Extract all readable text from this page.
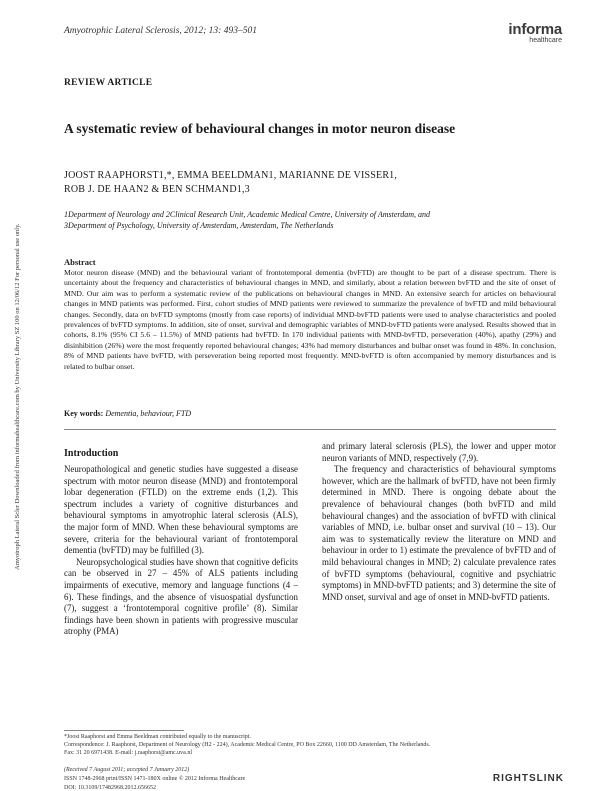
Amyotrophic Lateral Sclerosis, 2012; 13: 493–501	informa
healthcare
REVIEW ARTICLE
A systematic review of behavioural changes in motor neuron disease
JOOST RAAPHORST1,*, EMMA BEELDMAN1, MARIANNE DE VISSER1,
ROB J. DE HAAN2 & BEN SCHMAND1,3
1Department of Neurology and 2Clinical Research Unit, Academic Medical Centre, University of Amsterdam, and
3Department of Psychology, University of Amsterdam, Amsterdam, The Netherlands
Abstract
Motor neuron disease (MND) and the behavioural variant of frontotemporal dementia (bvFTD) are thought to be part of a disease spectrum. There is uncertainty about the frequency and characteristics of behavioural changes in MND, and similarly, about a relation between bvFTD and the site of onset of MND. Our aim was to perform a systematic review of the publications on behavioural changes in MND. An extensive search for articles on behavioural changes in MND patients was performed. First, cohort studies of MND patients were reviewed to summarize the prevalence of bvFTD and mild behavioural changes. Secondly, data on bvFTD symptoms (mostly from case reports) of individual MND-bvFTD patients were used to analyse characteristics and pooled prevalences of bvFTD symptoms. In addition, site of onset, survival and demographic variables of MND-bvFTD patients were analysed. Results showed that in cohorts, 8.1% (95% CI 5.6 – 11.5%) of MND patients had bvFTD. In 170 individual patients with MND-bvFTD, perseveration (40%), apathy (29%) and disinhibition (26%) were the most frequently reported behavioural changes; 43% had memory disturbances and bulbar onset was found in 48%. In conclusion, 8% of MND patients have bvFTD, with perseveration being reported most frequently. MND-bvFTD is often accompanied by memory disturbances and is related to bulbar onset.
Key words: Dementia, behaviour, FTD
Introduction

Neuropathological and genetic studies have suggested a disease spectrum with motor neuron disease (MND) and frontotemporal lobar degeneration (FTLD) on the extreme ends (1,2). This spectrum includes a variety of cognitive disturbances and behavioural symptoms in amyotrophic lateral sclerosis (ALS), the major form of MND. When these behavioural symptoms are severe, criteria for the behavioural variant of frontotemporal dementia (bvFTD) may be fulfilled (3).

Neuropsychological studies have shown that cognitive deficits can be observed in 27 – 45% of ALS patients including impairments of executive, memory and language functions (4 – 6). These findings, and the absence of visuospatial dysfunction (7), suggest a ‘frontotemporal cognitive profile’ (8). Similar findings have been shown in patients with progressive muscular atrophy (PMA)

and primary lateral sclerosis (PLS), the lower and upper motor neuron variants of MND, respectively (7,9).

The frequency and characteristics of behavioural symptoms however, which are the hallmark of bvFTD, have not been firmly determined in MND. There is ongoing debate about the prevalence of behavioural changes (both bvFTD and mild behavioural changes) and the association of bvFTD with clinical variables of MND, i.e. bulbar onset and survival (10 – 13). Our aim was to systematically review the literature on MND and behaviour in order to 1) estimate the prevalence of bvFTD and of mild behavioural changes in MND; 2) calculate prevalence rates of bvFTD symptoms (behavioural, cognitive and psychiatric symptoms) in MND-bvFTD patients; and 3) determine the site of MND onset, survival and age of onset in MND-bvFTD patients.

*Joost Raaphorst and Emma Beeldman contributed equally to the manuscript.
Correspondence: J. Raaphorst, Department of Neurology (H2 - 224), Academic Medical Centre, PO Box 22660, 1100 DD Amsterdam, The Netherlands.
Fax: 31 20 6971438. E-mail: j.raaphorst@amc.uva.nl
(Received 7 August 2011; accepted 7 January 2012)
ISSN 1748-2968 print/ISSN 1471-180X online © 2012 Informa Healthcare
DOI: 10.3109/17482968.2012.656652
RIGHTSLINK
Amyotroph Lateral Scler Downloaded from informahealthcare.com by University Library SZ 100 on 12/06/12 For personal use only.
